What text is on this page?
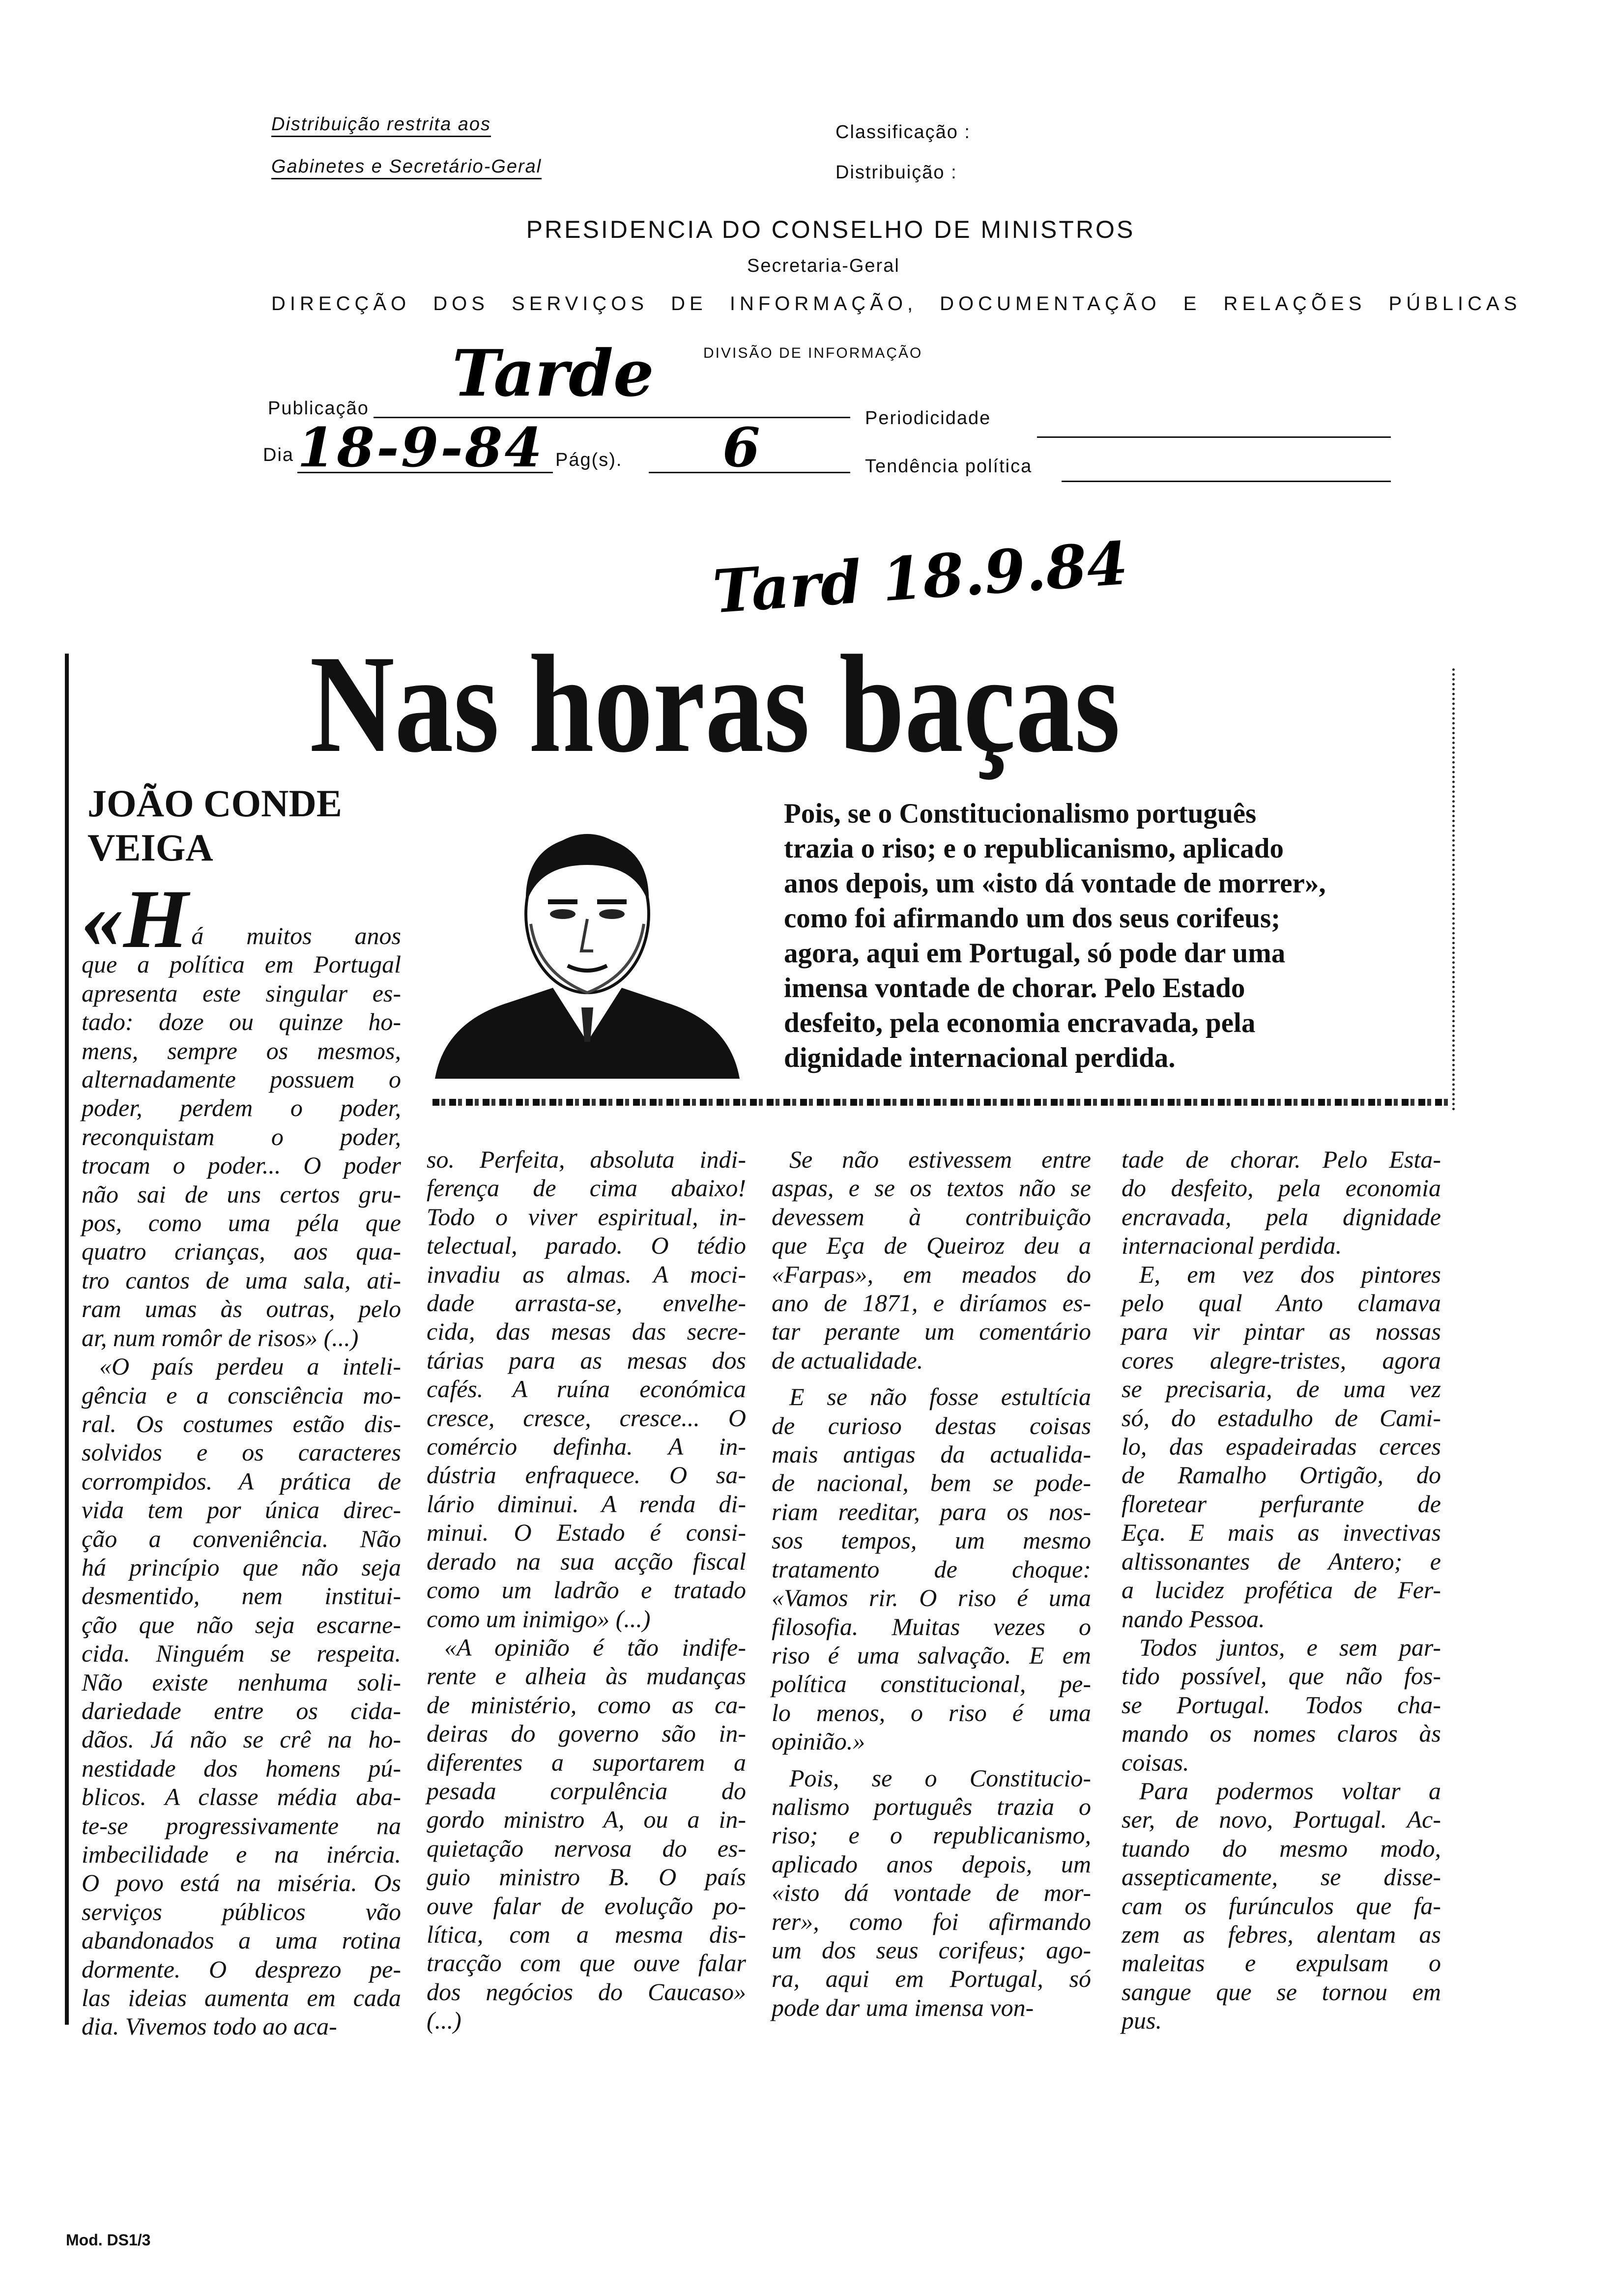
Distribuição restrita aos
Gabinetes e Secretário-Geral
Classificação :
Distribuição :
PRESIDENCIA DO CONSELHO DE MINISTROS
Secretaria-Geral
DIRECÇÃO DOS SERVIÇOS DE INFORMAÇÃO, DOCUMENTAÇÃO E RELAÇÕES PÚBLICAS
DIVISÃO DE INFORMAÇÃO
Publicação Tarde
Periodicidade
Dia 18-9-84 Pág(s). 6	Tendência política
Tard 18.9.84
Nas horas baças
JOÃO CONDE
VEIGA
Pois, se o Constitucionalismo português
trazia o riso; e o republicanismo, aplicado
anos depois, um «isto dá vontade de morrer»,
como foi afirmando um dos seus corifeus;
agora, aqui em Portugal, só pode dar uma
imensa vontade de chorar. Pelo Estado
desfeito, pela economia encravada, pela
dignidade internacional perdida.
«Há muitos anos
que a política em Portugal
apresenta este singular es-
tado: doze ou quinze ho-
mens, sempre os mesmos,
alternadamente possuem o
poder, perdem o poder,
reconquistam o poder,
trocam o poder... O poder
não sai de uns certos gru-
pos, como uma péla que
quatro crianças, aos qua-
tro cantos de uma sala, ati-
ram umas às outras, pelo
ar, num romôr de risos» (...)
«O país perdeu a inteli-
gência e a consciência mo-
ral. Os costumes estão dis-
solvidos e os caracteres
corrompidos. A prática de
vida tem por única direc-
ção a conveniência. Não
há princípio que não seja
desmentido, nem institui-
ção que não seja escarne-
cida. Ninguém se respeita.
Não existe nenhuma soli-
dariedade entre os cida-
dãos. Já não se crê na ho-
nestidade dos homens pú-
blicos. A classe média aba-
te-se progressivamente na
imbecilidade e na inércia.
O povo está na miséria. Os
serviços públicos vão
abandonados a uma rotina
dormente. O desprezo pe-
las ideias aumenta em cada
dia. Vivemos todo ao aca-
so. Perfeita, absoluta indi-
ferença de cima abaixo!
Todo o viver espiritual, in-
telectual, parado. O tédio
invadiu as almas. A moci-
dade arrasta-se, envelhe-
cida, das mesas das secre-
tárias para as mesas dos
cafés. A ruína económica
cresce, cresce, cresce... O
comércio definha. A in-
dústria enfraquece. O sa-
lário diminui. A renda di-
minui. O Estado é consi-
derado na sua acção fiscal
como um ladrão e tratado
como um inimigo» (...)
«A opinião é tão indife-
rente e alheia às mudanças
de ministério, como as ca-
deiras do governo são in-
diferentes a suportarem a
pesada corpulência do
gordo ministro A, ou a in-
quietação nervosa do es-
guio ministro B. O país
ouve falar de evolução po-
lítica, com a mesma dis-
tracção com que ouve falar
dos negócios do Caucaso»
(...)
Se não estivessem entre
aspas, e se os textos não se
devessem à contribuição
que Eça de Queiroz deu a
«Farpas», em meados do
ano de 1871, e diríamos es-
tar perante um comentário
de actualidade.
E se não fosse estultícia
de curioso destas coisas
mais antigas da actualida-
de nacional, bem se pode-
riam reeditar, para os nos-
sos tempos, um mesmo
tratamento de choque:
«Vamos rir. O riso é uma
filosofia. Muitas vezes o
riso é uma salvação. E em
política constitucional, pe-
lo menos, o riso é uma
opinião.»
Pois, se o Constitucio-
nalismo português trazia o
riso; e o republicanismo,
aplicado anos depois, um
«isto dá vontade de mor-
rer», como foi afirmando
um dos seus corifeus; ago-
ra, aqui em Portugal, só
pode dar uma imensa von-
tade de chorar. Pelo Esta-
do desfeito, pela economia
encravada, pela dignidade
internacional perdida.
E, em vez dos pintores
pelo qual Anto clamava
para vir pintar as nossas
cores alegre-tristes, agora
se precisaria, de uma vez
só, do estadulho de Cami-
lo, das espadeiradas cerces
de Ramalho Ortigão, do
floretear perfurante de
Eça. E mais as invectivas
altissonantes de Antero; e
a lucidez profética de Fer-
nando Pessoa.
Todos juntos, e sem par-
tido possível, que não fos-
se Portugal. Todos cha-
mando os nomes claros às
coisas.
Para podermos voltar a
ser, de novo, Portugal. Ac-
tuando do mesmo modo,
assepticamente, se disse-
cam os furúnculos que fa-
zem as febres, alentam as
maleitas e expulsam o
sangue que se tornou em
pus.
Mod. DS1/3
